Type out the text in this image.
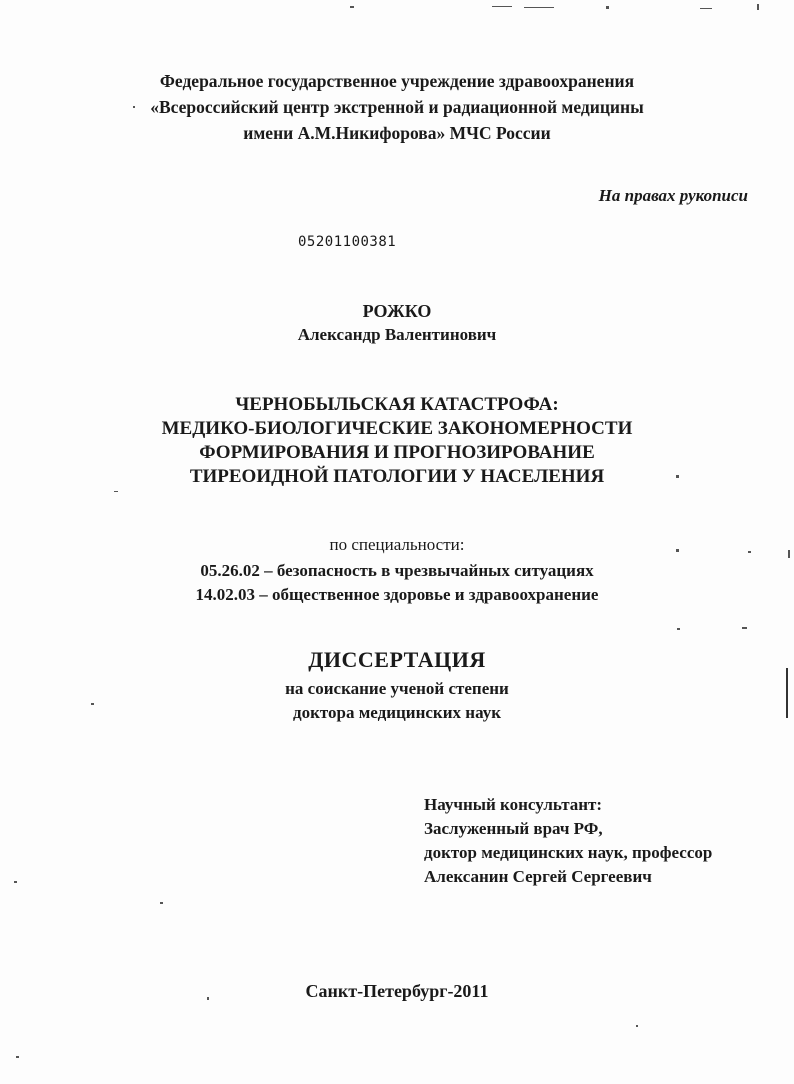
Федеральное государственное учреждение здравоохранения
«Всероссийский центр экстренной и радиационной медицины
имени А.М.Никифорова» МЧС России
На правах рукописи
05201100381
РОЖКО
Александр Валентинович
ЧЕРНОБЫЛЬСКАЯ КАТАСТРОФА:
МЕДИКО-БИОЛОГИЧЕСКИЕ ЗАКОНОМЕРНОСТИ
ФОРМИРОВАНИЯ И ПРОГНОЗИРОВАНИЕ
ТИРЕОИДНОЙ ПАТОЛОГИИ У НАСЕЛЕНИЯ
по специальности:
05.26.02 – безопасность в чрезвычайных ситуациях
14.02.03 – общественное здоровье и здравоохранение
ДИССЕРТАЦИЯ
на соискание ученой степени
доктора медицинских наук
Научный консультант:
Заслуженный врач РФ,
доктор медицинских наук, профессор
Алексанин Сергей Сергеевич
Санкт-Петербург-2011
